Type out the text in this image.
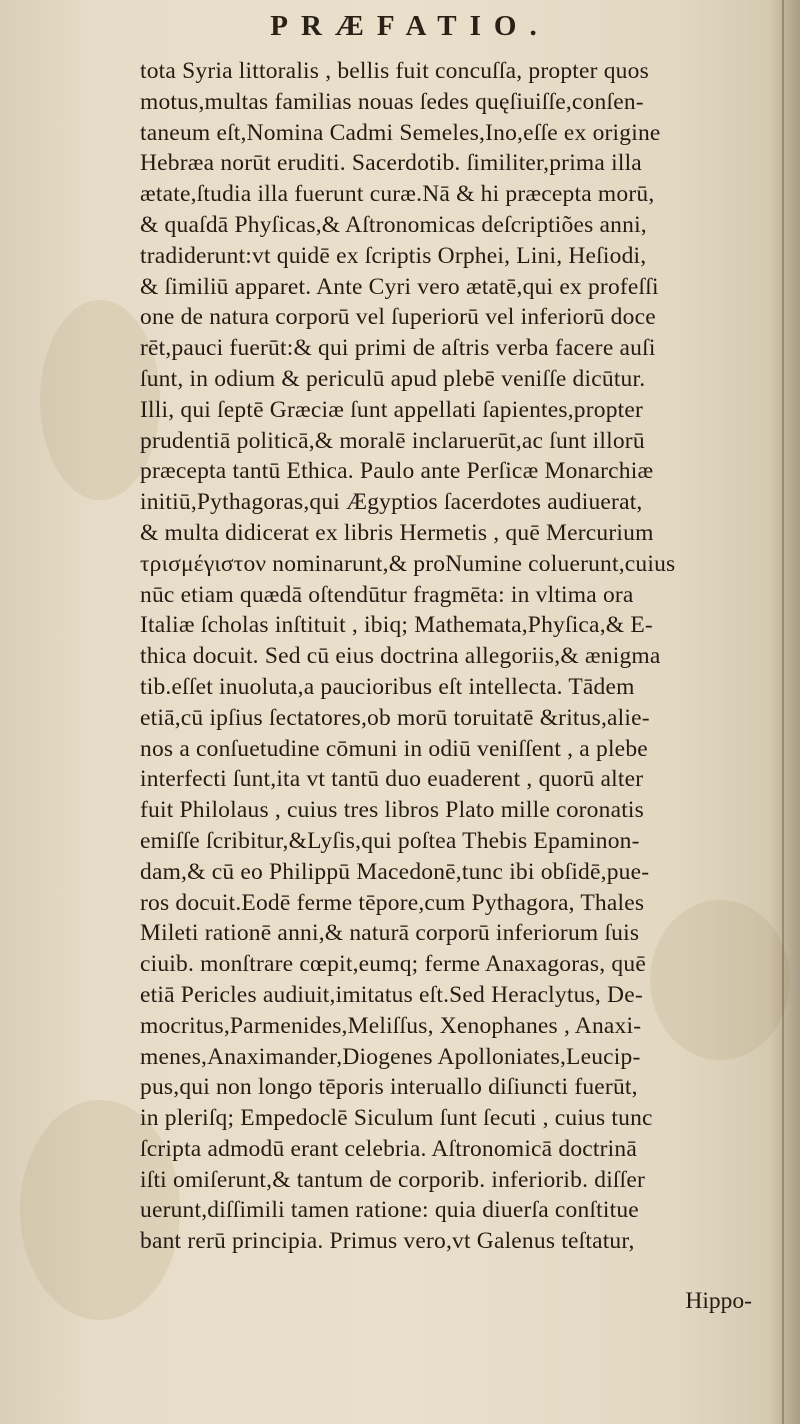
PRÆFATIO.
tota Syria littoralis , bellis fuit concuſſa, propter quos
motus,multas familias nouas ſedes quęſiuiſſe,conſen-
taneum eſt,Nomina Cadmi Semeles,Ino,eſſe ex origine
Hebræa norūt eruditi. Sacerdotib. ſimiliter,prima illa
ætate,ſtudia illa fuerunt curæ.Nā & hi præcepta morū,
& quaſdā Phyſicas,& Aſtronomicas deſcriptiões anni,
tradiderunt:vt quidē ex ſcriptis Orphei, Lini, Heſiodi,
& ſimiliū apparet. Ante Cyri vero ætatē,qui ex profeſſi
one de natura corporū vel ſuperiorū vel inferiorū doce
rēt,pauci fuerūt:& qui primi de aſtris verba facere auſi
ſunt, in odium & periculū apud plebē veniſſe dicūtur.
Illi, qui ſeptē Græciæ ſunt appellati ſapientes,propter
prudentiā politicā,& moralē inclaruerūt,ac ſunt illorū
præcepta tantū Ethica. Paulo ante Perſicæ Monarchiæ
initiū,Pythagoras,qui Ægyptios ſacerdotes audiuerat,
& multa didicerat ex libris Hermetis , quē Mercurium
τρισμέγιστον nominarunt,& proNumine coluerunt,cuius
nūc etiam quædā oſtendūtur fragmēta: in vltima ora
Italiæ ſcholas inſtituit , ibiq; Mathemata,Phyſica,& E-
thica docuit. Sed cū eius doctrina allegoriis,& ænigma
tib.eſſet inuoluta,a paucioribus eſt intellecta. Tādem
etiā,cū ipſius ſectatores,ob morū toruitatē &ritus,alie-
nos a conſuetudine cōmuni in odiū veniſſent , a plebe
interfecti ſunt,ita vt tantū duo euaderent , quorū alter
fuit Philolaus , cuius tres libros Plato mille coronatis
emiſſe ſcribitur,&Lyſis,qui poſtea Thebis Epaminon-
dam,& cū eo Philippū Macedonē,tunc ibi obſidē,pue-
ros docuit.Eodē ferme tēpore,cum Pythagora, Thales
Mileti rationē anni,& naturā corporū inferiorum ſuis
ciuib. monſtrare cœpit,eumq; ferme Anaxagoras, quē
etiā Pericles audiuit,imitatus eſt.Sed Heraclytus, De-
mocritus,Parmenides,Meliſſus, Xenophanes , Anaxi-
menes,Anaximander,Diogenes Apolloniates,Leucip-
pus,qui non longo tēporis interuallo diſiuncti fuerūt,
in pleriſq; Empedoclē Siculum ſunt ſecuti , cuius tunc
ſcripta admodū erant celebria. Aſtronomicā doctrinā
iſti omiſerunt,& tantum de corporib. inferiorib. diſſer
uerunt,diſſimili tamen ratione: quia diuerſa conſtitue
bant rerū principia. Primus vero,vt Galenus teſtatur,
Hippo-
